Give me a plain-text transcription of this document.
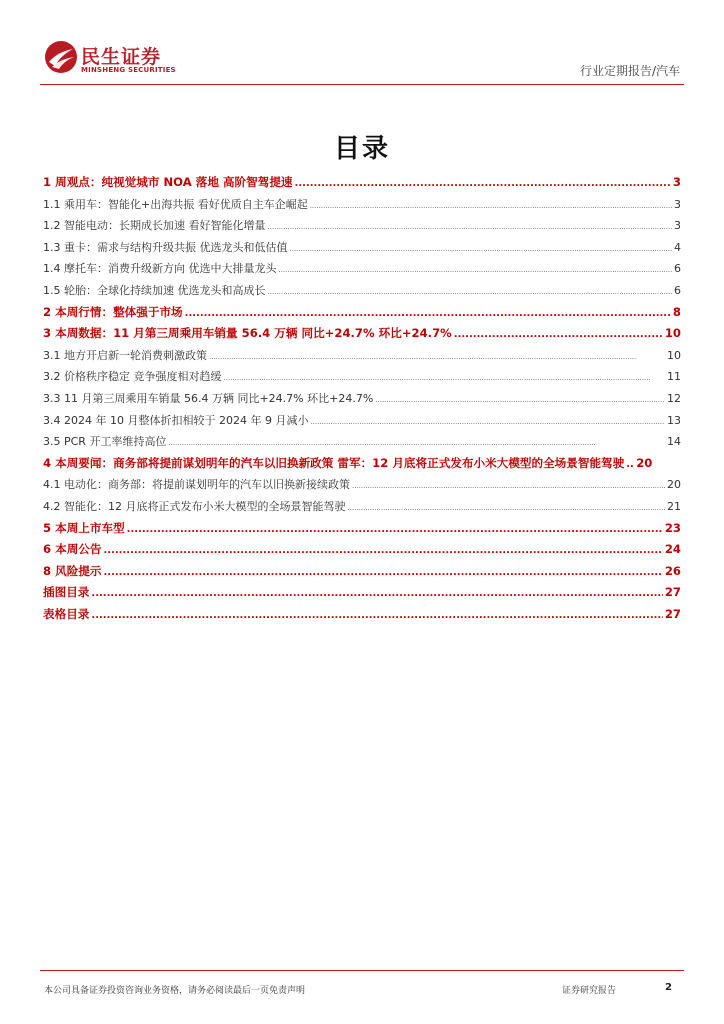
民生证券
MINSHENG SECURITIES	行业定期报告/汽车
目录
1 周观点：纯视觉城市 NOA 落地 高阶智驾提速 .....	3
1.1 乘用车：智能化+出海共振 看好优质自主车企崛起 .....	3
1.2 智能电动：长期成长加速 看好智能化增量 .....	3
1.3 重卡：需求与结构升级共振 优选龙头和低估值 .....	4
1.4 摩托车：消费升级新方向 优选中大排量龙头 .....	6
1.5 轮胎：全球化持续加速 优选龙头和高成长 .....	6
2 本周行情：整体强于市场 .....	8
3 本周数据：11 月第三周乘用车销量 56.4 万辆 同比+24.7% 环比+24.7% .....	10
3.1 地方开启新一轮消费刺激政策 .....	10
3.2 价格秩序稳定 竞争强度相对趋缓 .....	11
3.3 11 月第三周乘用车销量 56.4 万辆 同比+24.7% 环比+24.7% .....	12
3.4 2024 年 10 月整体折扣相较于 2024 年 9 月减小 .....	13
3.5 PCR 开工率维持高位 .....	14
4 本周要闻：商务部将提前谋划明年的汽车以旧换新政策 雷军：12 月底将正式发布小米大模型的全场景智能驾驶 ..... 20
4.1 电动化：商务部：将提前谋划明年的汽车以旧换新接续政策 .....	20
4.2 智能化：12 月底将正式发布小米大模型的全场景智能驾驶 .....	21
5 本周上市车型 .....	23
6 本周公告 .....	24
8 风险提示 .....	26
插图目录 .....	27
表格目录 .....	27
本公司具备证券投资咨询业务资格，请务必阅读最后一页免责声明	证券研究报告	2
